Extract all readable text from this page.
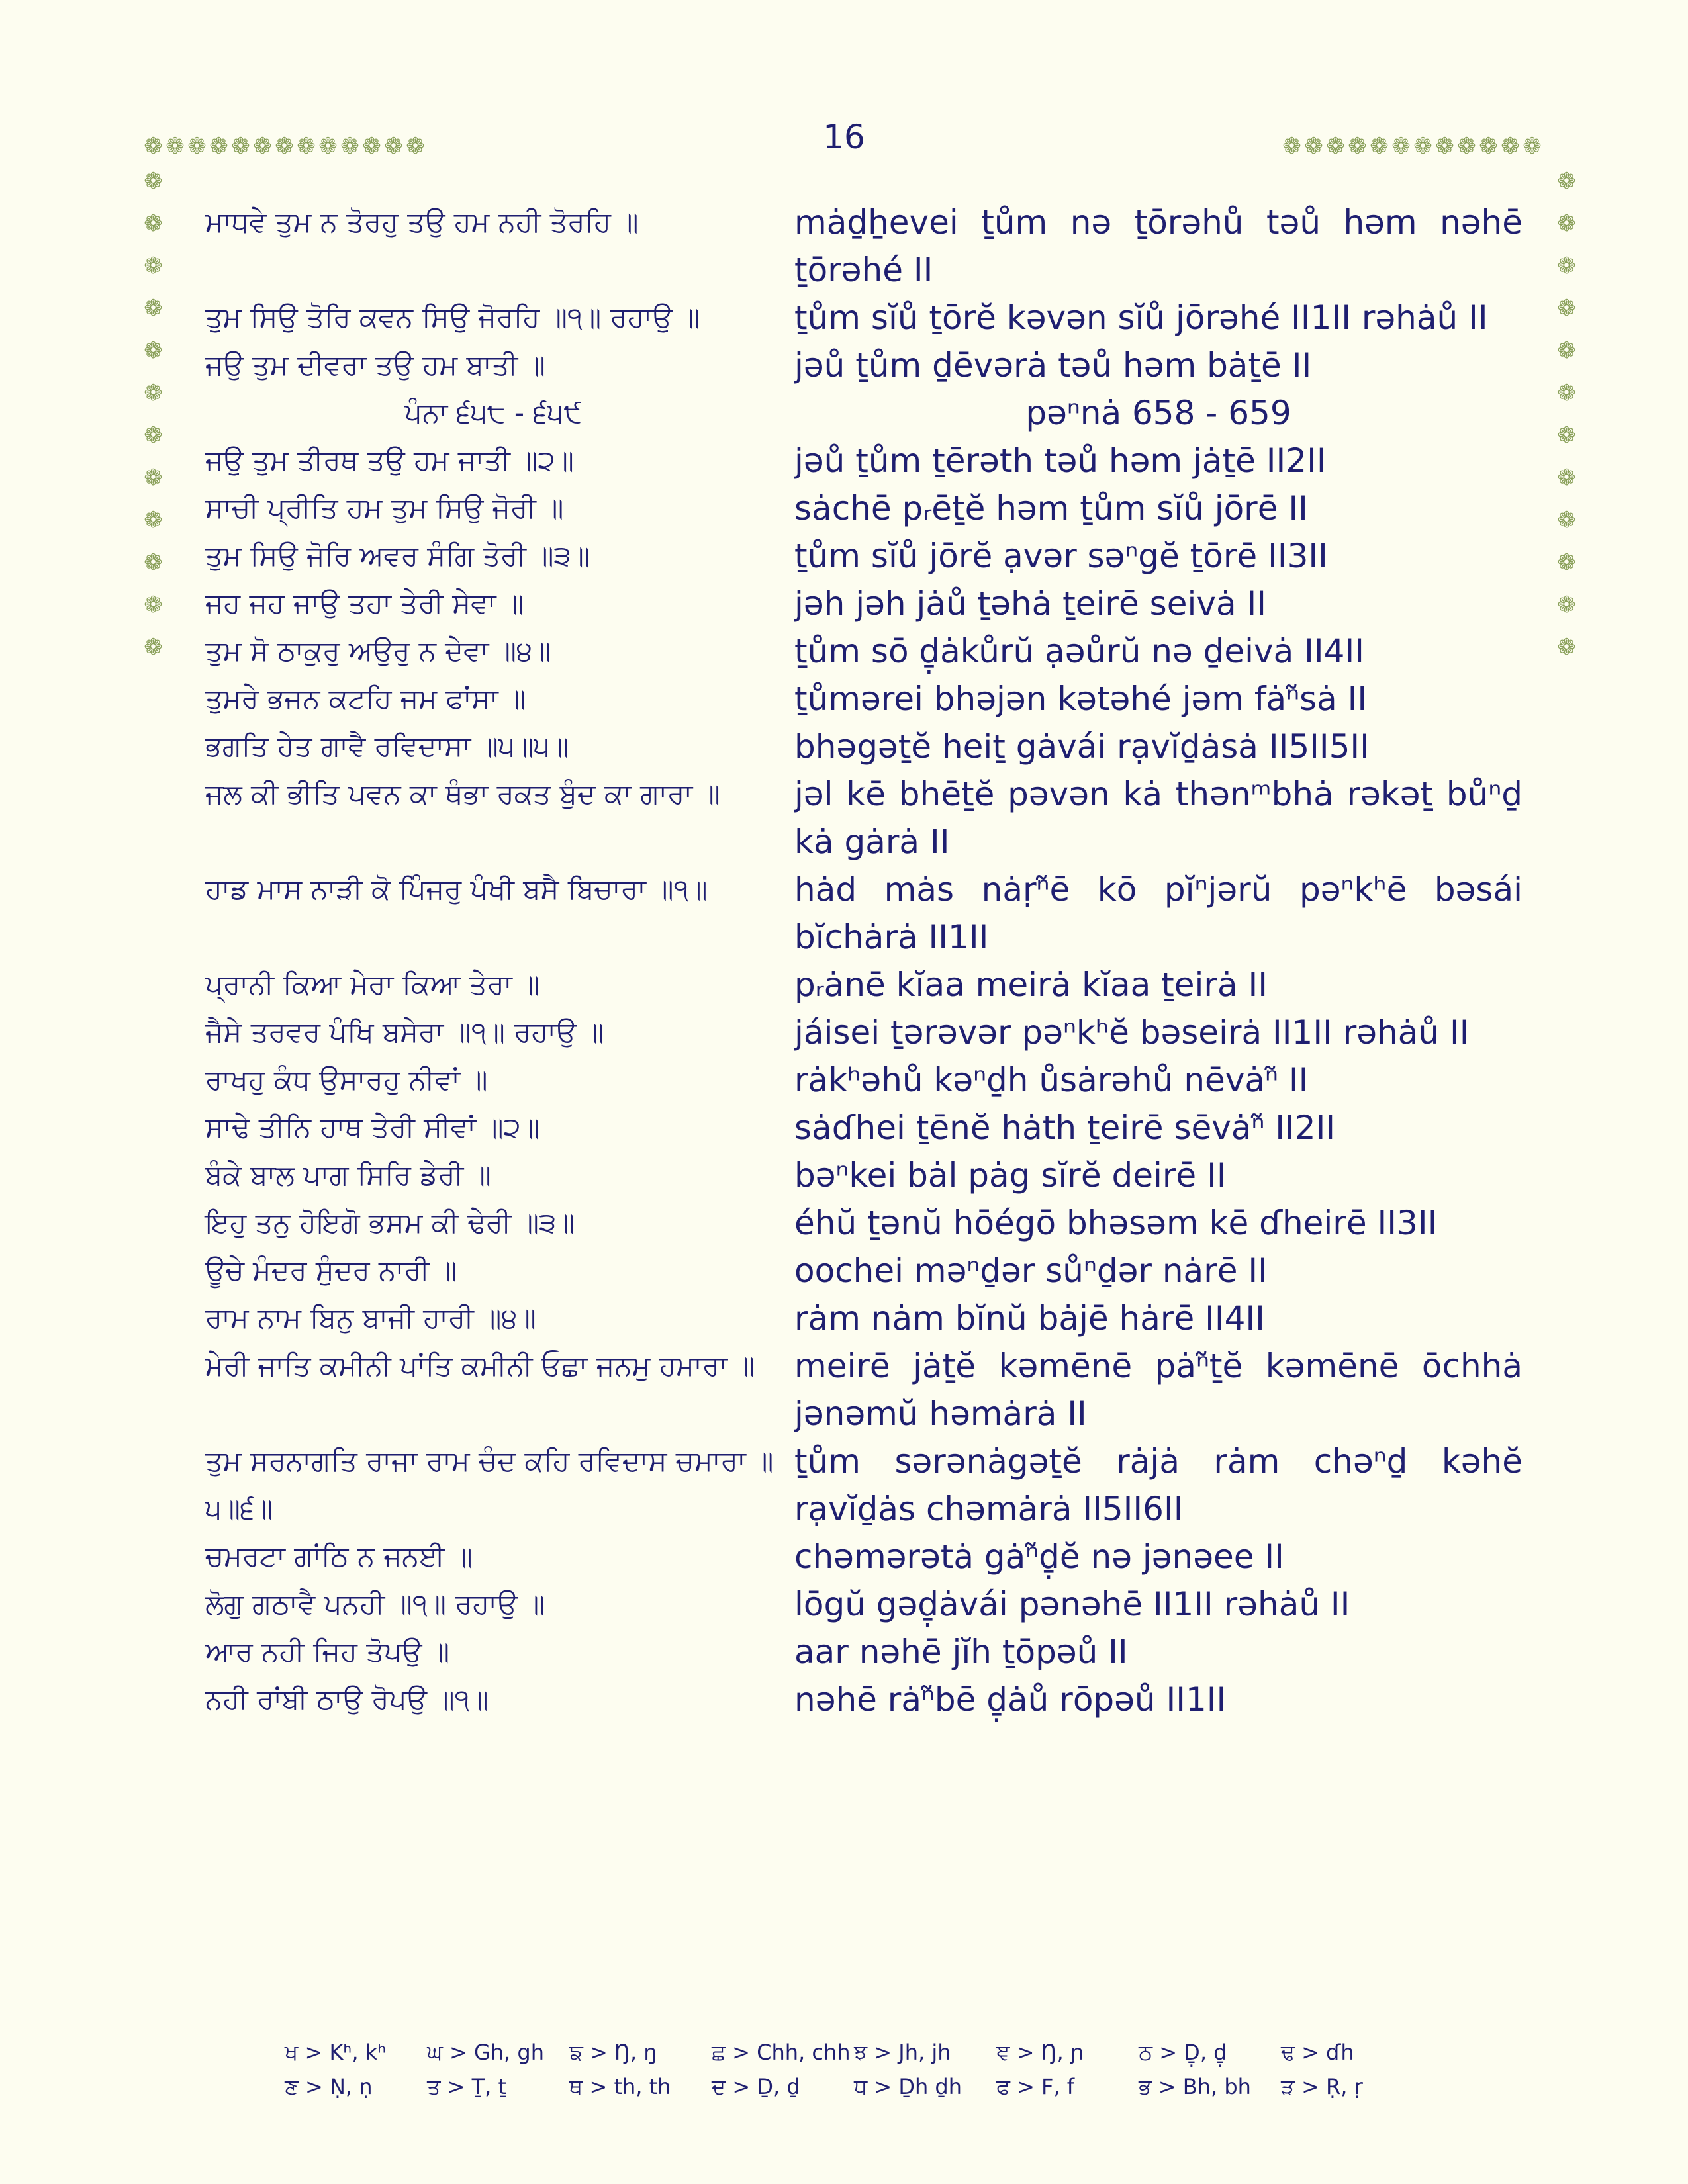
16
❁ ❁ ❁ ❁ ❁ ❁ ❁ ❁ ❁ ❁ ❁ ❁ ❁	❁ ❁ ❁ ❁ ❁ ❁ ❁ ❁ ❁ ❁ ❁ ❁
❁
❁
❁
❁
❁
❁
❁
❁
❁
❁
❁
❁
❁
❁
❁
❁
❁
❁
❁
❁
❁
❁
❁
❁
ਮਾਧਵੇ ਤੁਮ ਨ ਤੋਰਹੁ ਤਉ ਹਮ ਨਹੀ ਤੋਰਹਿ ॥	mȧḏẖevei ṯům nə ṯōrəhů təů həm nəhē ṯōrəhé II
ਤੁਮ ਸਿਉ ਤੋਰਿ ਕਵਨ ਸਿਉ ਜੋਰਹਿ ॥੧॥ ਰਹਾਉ ॥	ṯům sĭů ṯōrĕ kəvən sĭů jōrəhé II1II rəhȧů II
ਜਉ ਤੁਮ ਦੀਵਰਾ ਤਉ ਹਮ ਬਾਤੀ ॥	jəů ṯům ḏēvərȧ təů həm bȧṯē II
ਪੰਨਾ ੬੫੮ - ੬੫੯	pəⁿnȧ 658 - 659
ਜਉ ਤੁਮ ਤੀਰਥ ਤਉ ਹਮ ਜਾਤੀ ॥੨॥	jəů ṯům ṯērəth təů həm jȧṯē II2II
ਸਾਚੀ ਪ੍ਰੀਤਿ ਹਮ ਤੁਮ ਸਿਉ ਜੋਰੀ ॥	sȧchē pᵣēṯĕ həm ṯům sĭů jōrē II
ਤੁਮ ਸਿਉ ਜੋਰਿ ਅਵਰ ਸੰਗਿ ਤੋਰੀ ॥੩॥	ṯům sĭů jōrĕ ạvər səⁿgĕ ṯōrē II3II
ਜਹ ਜਹ ਜਾਉ ਤਹਾ ਤੇਰੀ ਸੇਵਾ ॥	jəh jəh jȧů ṯəhȧ ṯeirē seivȧ II
ਤੁਮ ਸੋ ਠਾਕੁਰੁ ਅਉਰੁ ਨ ਦੇਵਾ ॥੪॥	ṯům sō ḏ̣ȧkůrŭ ạəůrŭ nə ḏeivȧ II4II
ਤੁਮਰੇ ਭਜਨ ਕਟਹਿ ਜਮ ਫਾਂਸਾ ॥	ṯůmərei bhəjən kətəhé jəm fȧⁿ̃sȧ II
ਭਗਤਿ ਹੇਤ ਗਾਵੈ ਰਵਿਦਾਸਾ ॥੫॥੫॥	bhəgəṯĕ heiṯ gȧvái rạvĭḏȧsȧ II5II5II
ਜਲ ਕੀ ਭੀਤਿ ਪਵਨ ਕਾ ਥੰਭਾ ਰਕਤ ਬੁੰਦ ਕਾ ਗਾਰਾ ॥	jəl kē bhēṯĕ pəvən kȧ thənᵐbhȧ rəkəṯ bůⁿḏ kȧ gȧrȧ II
ਹਾਡ ਮਾਸ ਨਾੜੀ ਕੋ ਪਿੰਜਰੁ ਪੰਖੀ ਬਸੈ ਬਿਚਾਰਾ ॥੧॥	hȧd mȧs nȧṛⁿ̃ē kō pĭⁿjərŭ pəⁿkʰē bəsái bĭchȧrȧ II1II
ਪ੍ਰਾਨੀ ਕਿਆ ਮੇਰਾ ਕਿਆ ਤੇਰਾ ॥	pᵣȧnē kĭaa meirȧ kĭaa ṯeirȧ II
ਜੈਸੇ ਤਰਵਰ ਪੰਖਿ ਬਸੇਰਾ ॥੧॥ ਰਹਾਉ ॥	jáisei ṯərəvər pəⁿkʰĕ bəseirȧ II1II rəhȧů II
ਰਾਖਹੁ ਕੰਧ ਉਸਾਰਹੁ ਨੀਵਾਂ ॥	rȧkʰəhů kəⁿḏh ůsȧrəhů nēvȧⁿ̃ II
ਸਾਢੇ ਤੀਨਿ ਹਾਥ ਤੇਰੀ ਸੀਵਾਂ ॥੨॥	sȧɗhei ṯēnĕ hȧth ṯeirē sēvȧⁿ̃ II2II
ਬੰਕੇ ਬਾਲ ਪਾਗ ਸਿਰਿ ਡੇਰੀ ॥	bəⁿkei bȧl pȧg sĭrĕ deirē II
ਇਹੁ ਤਨੁ ਹੋਇਗੋ ਭਸਮ ਕੀ ਢੇਰੀ ॥੩॥	éhŭ ṯənŭ hōégō bhəsəm kē ɗheirē II3II
ਊਚੇ ਮੰਦਰ ਸੁੰਦਰ ਨਾਰੀ ॥	oochei məⁿḏər sůⁿḏər nȧrē II
ਰਾਮ ਨਾਮ ਬਿਨੁ ਬਾਜੀ ਹਾਰੀ ॥੪॥	rȧm nȧm bĭnŭ bȧjē hȧrē II4II
ਮੇਰੀ ਜਾਤਿ ਕਮੀਨੀ ਪਾਂਤਿ ਕਮੀਨੀ ਓਛਾ ਜਨਮੁ ਹਮਾਰਾ ॥	meirē jȧṯĕ kəmēnē pȧⁿ̃ṯĕ kəmēnē ōchhȧ jənəmŭ həmȧrȧ II
ਤੁਮ ਸਰਨਾਗਤਿ ਰਾਜਾ ਰਾਮ ਚੰਦ ਕਹਿ ਰਵਿਦਾਸ ਚਮਾਰਾ ॥੫॥੬॥
ṯům sərənȧgəṯĕ rȧjȧ rȧm chəⁿḏ kəhĕ rạvĭḏȧs chəmȧrȧ II5II6II
ਚਮਰਟਾ ਗਾਂਠਿ ਨ ਜਨਈ ॥	chəmərətȧ gȧⁿ̃ḏ̣ĕ nə jənəee II
ਲੋਗੁ ਗਠਾਵੈ ਪਨਹੀ ॥੧॥ ਰਹਾਉ ॥	lōgŭ gəḏ̣ȧvái pənəhē II1II rəhȧů II
ਆਰ ਨਹੀ ਜਿਹ ਤੋਪਉ ॥	aar nəhē jĭh ṯōpəů II
ਨਹੀ ਰਾਂਬੀ ਠਾਉ ਰੋਪਉ ॥੧॥	nəhē rȧⁿ̃bē ḏ̣ȧů rōpəů II1II
ਖ > Kʰ, kʰ	ਘ > Gh, gh	ਙ > Ŋ, ŋ	ਛ > Chh, chh ਝ > Jh, jh	ਞ > Ŋ, ɲ	ਠ > Ḏ̣, ḏ̣	ਢ > ɗh
ਣ > Ṇ, ṇ	ਤ > Ṯ, ṯ	ਥ > th, th	ਦ > Ḏ, ḏ	ਧ > Ḏh ḏh	ਫ > F, f	ਭ > Bh, bh	ੜ > Ṛ, ṛ
